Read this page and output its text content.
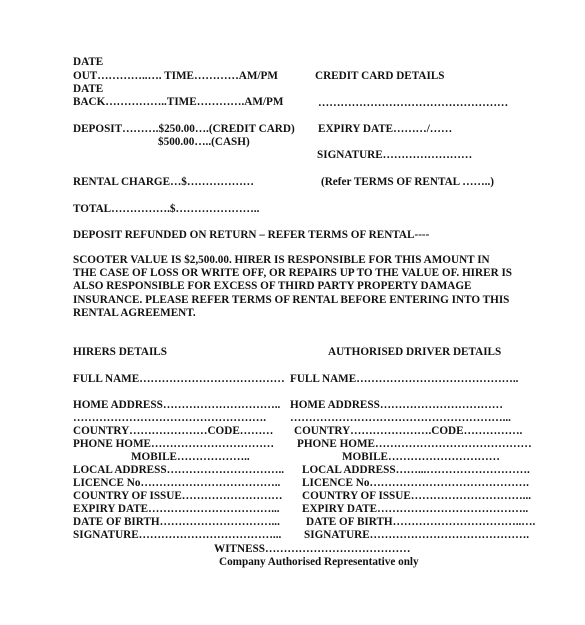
DATE
OUT…………..…. TIME…………AM/PM
DATE
BACK……………..TIME………….AM/PM
CREDIT CARD DETAILS
……………………………………………
EXPIRY DATE………/……
SIGNATURE……………………
DEPOSIT……….$250.00….(CREDIT CARD)
$500.00…..(CASH)
RENTAL CHARGE…$………………	(Refer TERMS OF RENTAL ……..)
TOTAL…………….$…………………..
DEPOSIT REFUNDED ON RETURN – REFER TERMS OF RENTAL----
SCOOTER VALUE IS $2,500.00. HIRER IS RESPONSIBLE FOR THIS AMOUNT IN THE CASE OF LOSS OR WRITE OFF, OR REPAIRS UP TO THE VALUE OF. HIRER IS ALSO RESPONSIBLE FOR EXCESS OF THIRD PARTY PROPERTY DAMAGE INSURANCE. PLEASE REFER TERMS OF RENTAL BEFORE ENTERING INTO THIS RENTAL AGREEMENT.
HIRERS DETAILS	AUTHORISED DRIVER DETAILS
FULL NAME…………………………………
HOME ADDRESS…………………………..
…………………………………………….
COUNTRY…………………CODE………
PHONE HOME……………………………
MOBILE………………..
LOCAL ADDRESS…………………………..
LICENCE No………………………………..
COUNTRY OF ISSUE………………………
EXPIRY DATE……………………………...
DATE OF BIRTH…………………………...
SIGNATURE………………………………...
FULL NAME……………………………………..
HOME ADDRESS……………………………
…………………………………………………...
COUNTRY………………….CODE…………….
PHONE HOME……………………………………
MOBILE…………………………
LOCAL ADDRESS……...……………………….
LICENCE No…………………………………….
COUNTRY OF ISSUE…………………………...
EXPIRY DATE…………………………………..
DATE OF BIRTH……………………………..….
SIGNATURE…………………………………….
WITNESS…………………………………
Company Authorised Representative only
